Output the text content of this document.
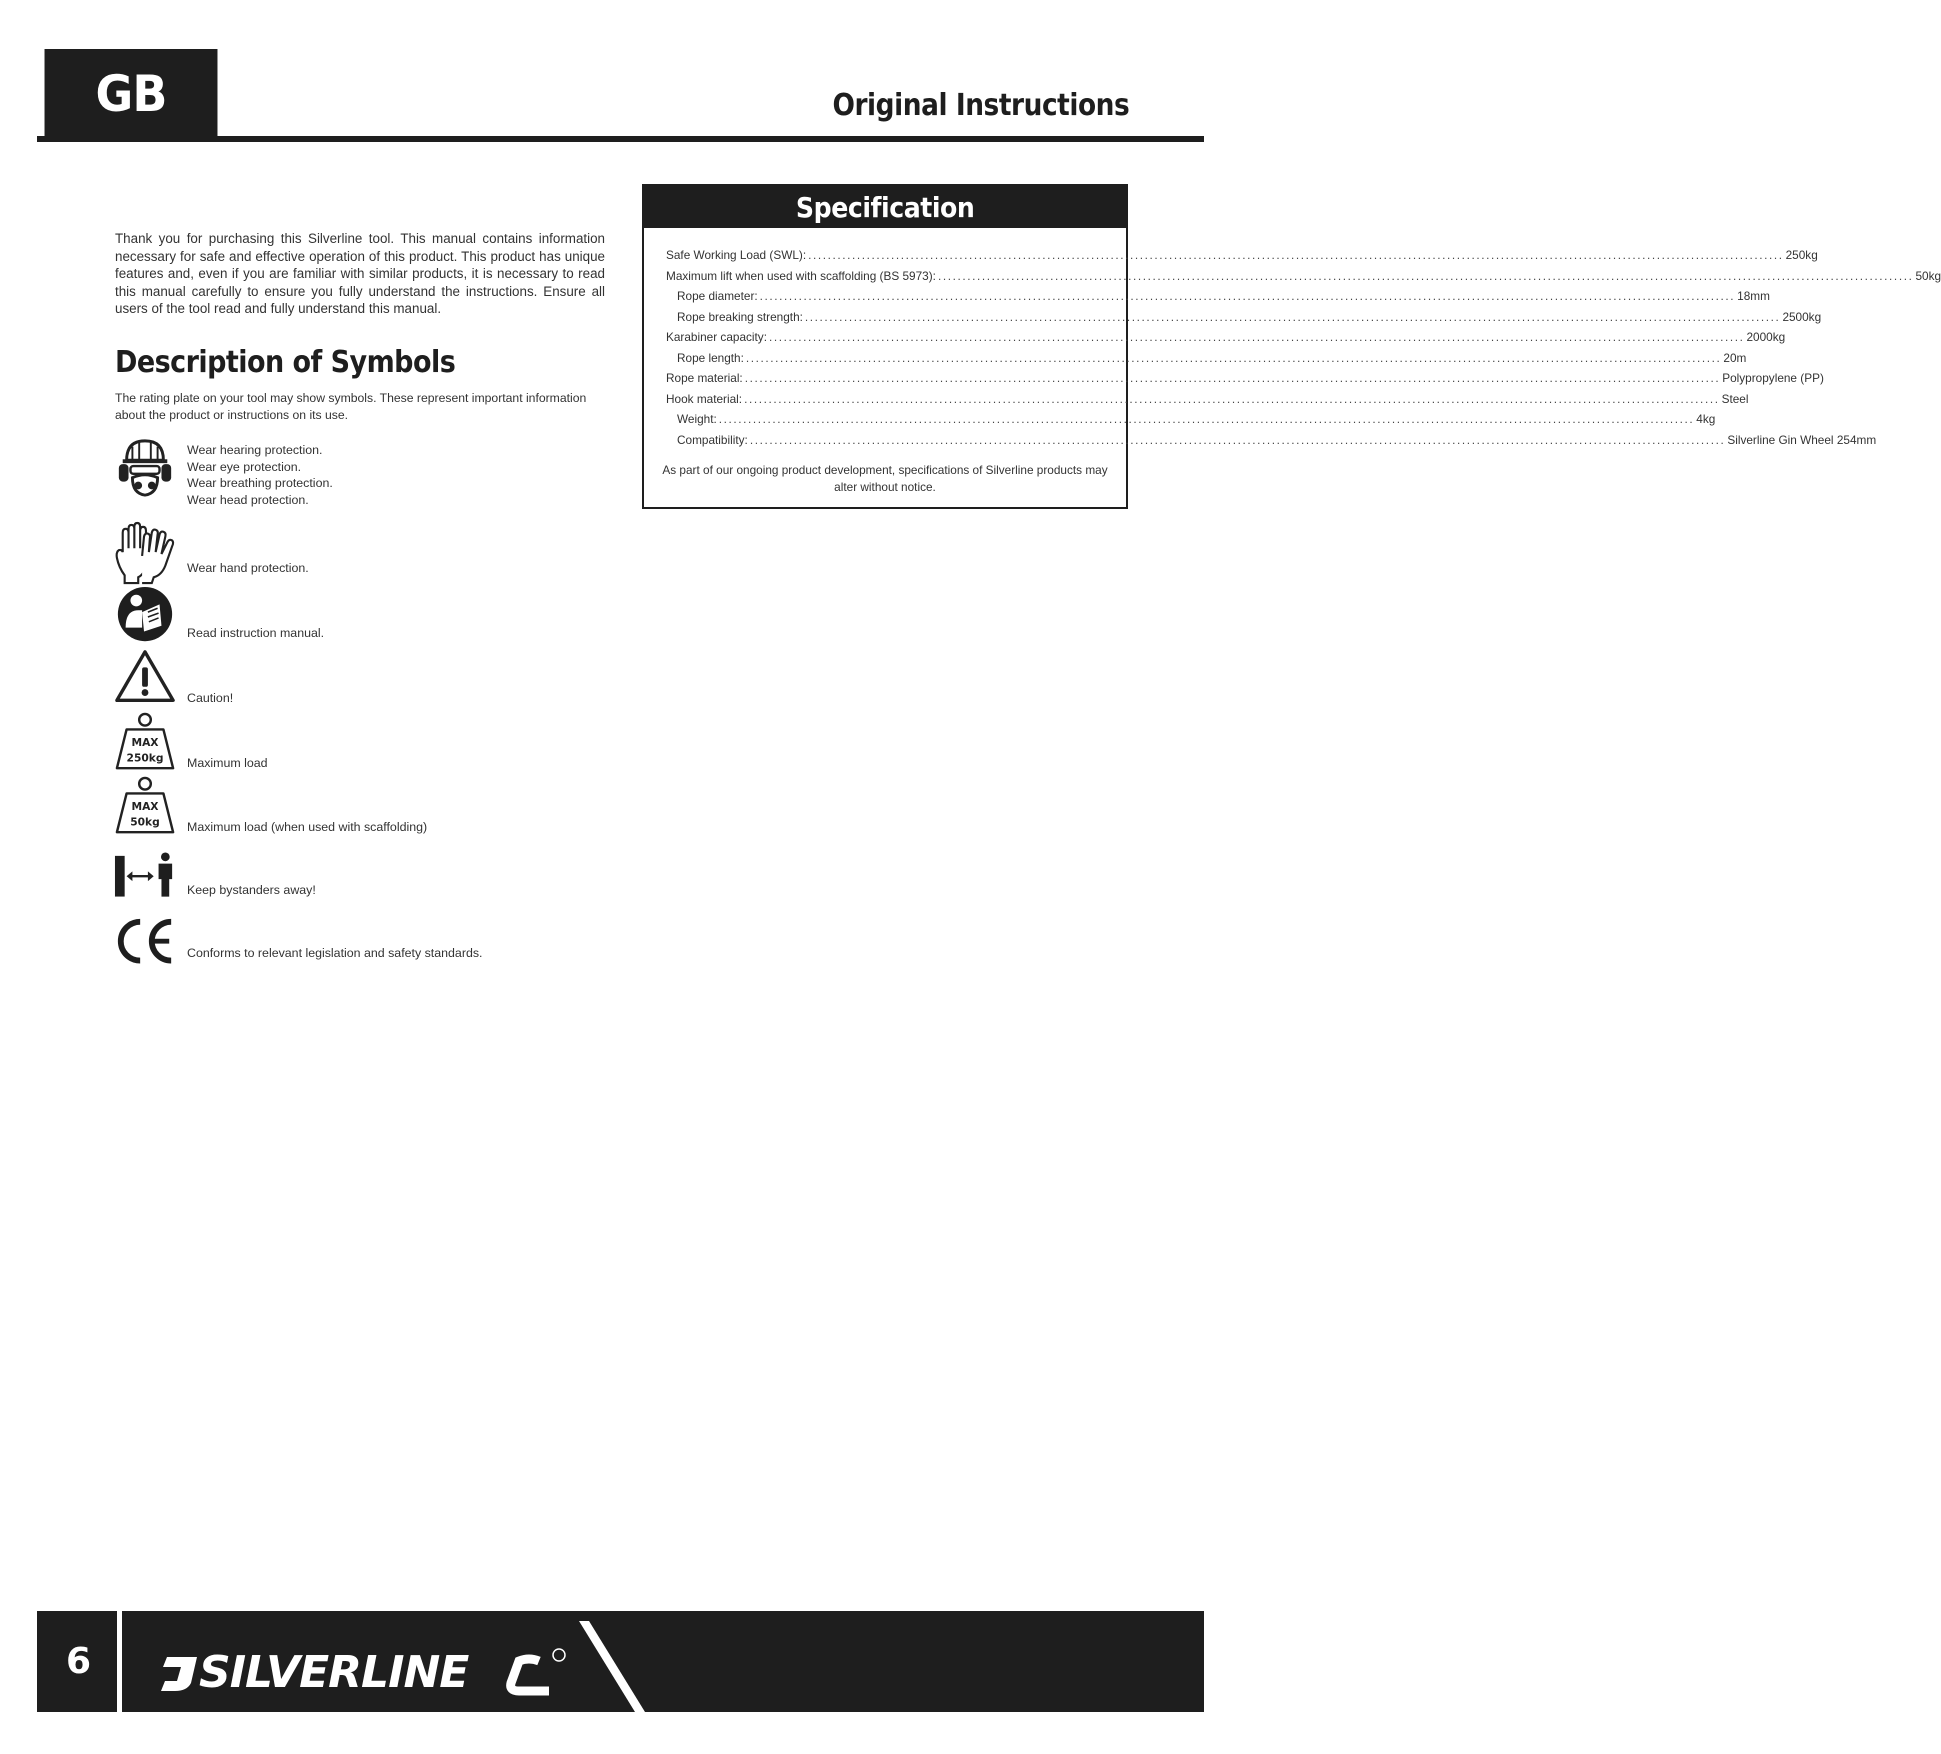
GB	Original Instructions

Thank you for purchasing this Silverline tool. This manual contains information necessary for safe and effective operation of this product. This product has unique features and, even if you are familiar with similar products, it is necessary to read this manual carefully to ensure you fully understand the instructions. Ensure all users of the tool read and fully understand this manual.

Description of Symbols

The rating plate on your tool may show symbols. These represent important information about the product or instructions on its use.

Wear hearing protection.
Wear eye protection.
Wear breathing protection.
Wear head protection.
Wear hand protection.
Read instruction manual.
Caution!
MAX
250kg Maximum load
MAX
50kg Maximum load (when used with scaffolding)
Keep bystanders away!
Conforms to relevant legislation and safety standards.
Specification
Safe Working Load (SWL): ........................................................................................................................................................................................................ 250kg
Maximum lift when used with scaffolding (BS 5973): ........................................................................................................................................................................................................ 50kg
Rope diameter: ........................................................................................................................................................................................................ 18mm
Rope breaking strength: ........................................................................................................................................................................................................ 2500kg
Karabiner capacity: ........................................................................................................................................................................................................ 2000kg
Rope length: ........................................................................................................................................................................................................ 20m
Rope material: ........................................................................................................................................................................................................ Polypropylene (PP)
Hook material: ........................................................................................................................................................................................................ Steel
Weight: ........................................................................................................................................................................................................ 4kg
Compatibility: ........................................................................................................................................................................................................ Silverline Gin Wheel 254mm
As part of our ongoing product development, specifications of Silverline products may alter without notice.
6 SILVERLINE
